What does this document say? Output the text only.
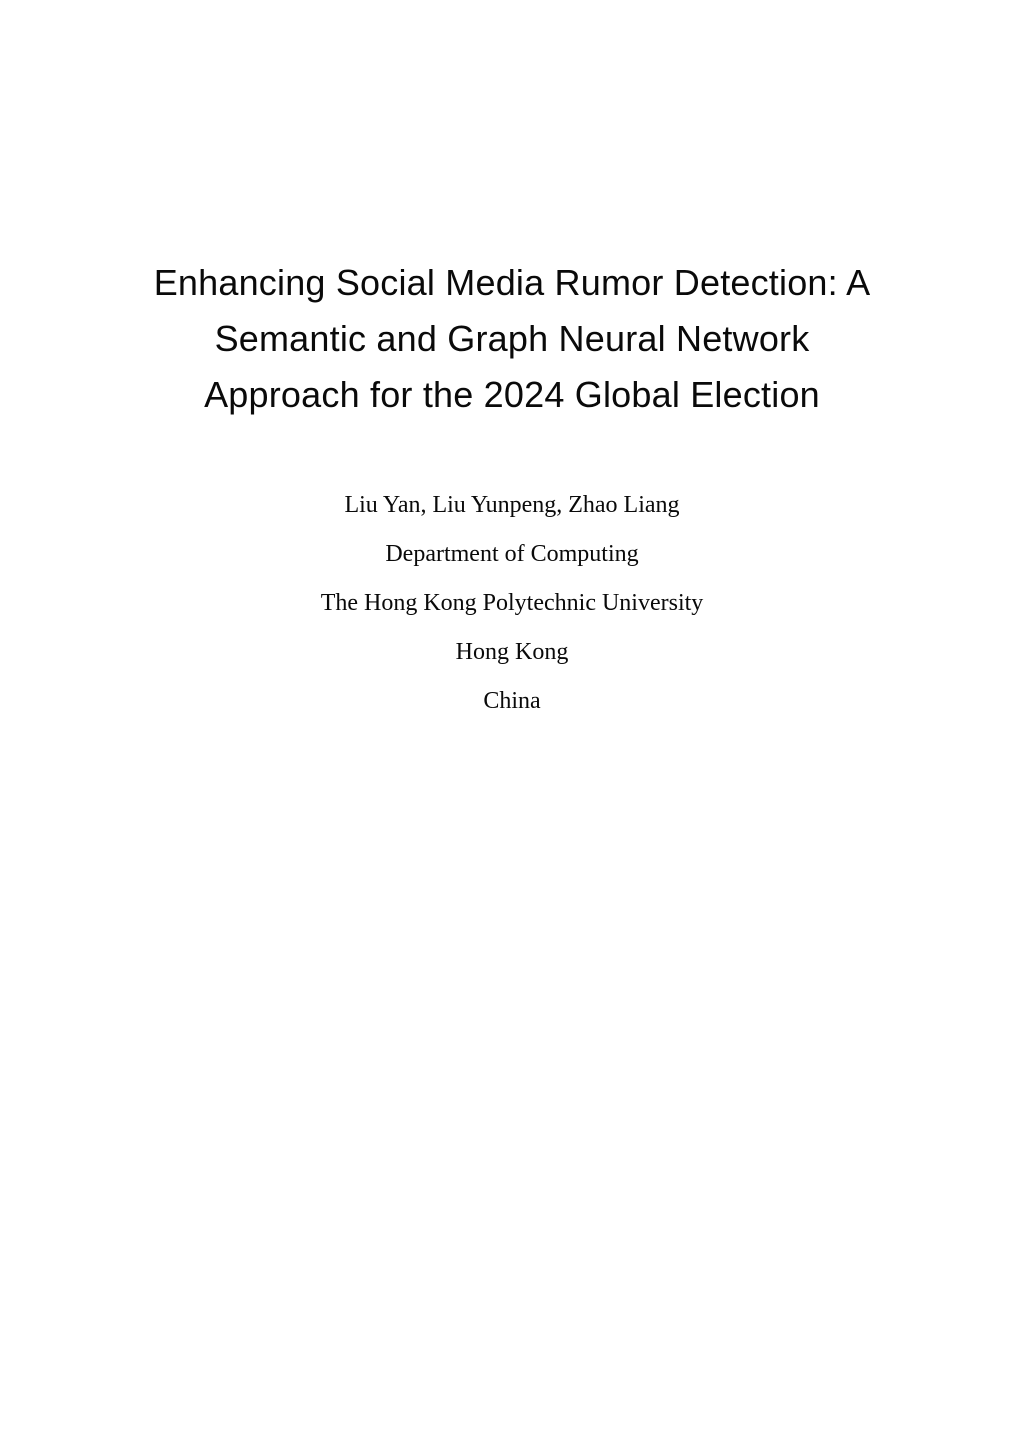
Enhancing Social Media Rumor Detection: A
Semantic and Graph Neural Network
Approach for the 2024 Global Election
Liu Yan, Liu Yunpeng, Zhao Liang
Department of Computing
The Hong Kong Polytechnic University
Hong Kong
China
